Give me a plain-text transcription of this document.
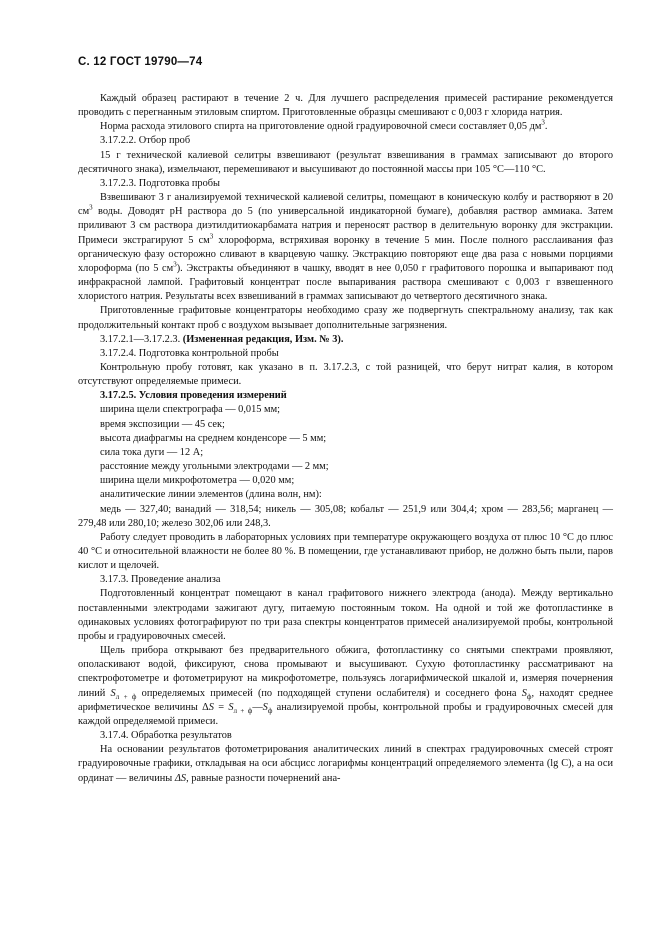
С. 12 ГОСТ 19790—74

Каждый образец растирают в течение 2 ч. Для лучшего распределения примесей растирание рекомендуется проводить с перегнанным этиловым спиртом. Приготовленные образцы смешивают с 0,003 г хлорида натрия.

Норма расхода этилового спирта на приготовление одной градуировочной смеси составляет 0,05 $дм^3$.

3.17.2.2. Отбор проб

15 г технической калиевой селитры взвешивают (результат взвешивания в граммах записывают до второго десятичного знака), измельчают, перемешивают и высушивают до постоянной массы при 105 °С—110 °С.

3.17.2.3. Подготовка пробы

Взвешивают 3 г анализируемой технической калиевой селитры, помещают в коническую колбу и растворяют в 20 $см^3$ воды. Доводят рН раствора до 5 (по универсальной индикаторной бумаге), добавляя раствор аммиака. Затем приливают 3 см раствора диэтилдитиокарбамата натрия и переносят раствор в делительную воронку для экстракции. Примеси экстрагируют 5 $см^3$ хлороформа, встряхивая воронку в течение 5 мин. После полного расслаивания фаз органическую фазу осторожно сливают в кварцевую чашку. Экстракцию повторяют еще два раза с новыми порциями хлороформа (по 5 $см^3$). Экстракты объединяют в чашку, вводят в нее 0,050 г графитового порошка и выпаривают под инфракрасной лампой. Графитовый концентрат после выпаривания раствора смешивают с 0,003 г взвешенного хлористого натрия. Результаты всех взвешиваний в граммах записывают до четвертого десятичного знака.

Приготовленные графитовые концентраторы необходимо сразу же подвергнуть спектральному анализу, так как продолжительный контакт проб с воздухом вызывает дополнительные загрязнения.

3.17.2.1—3.17.2.3. (Измененная редакция, Изм. № 3).

3.17.2.4. Подготовка контрольной пробы

Контрольную пробу готовят, как указано в п. 3.17.2.3, с той разницей, что берут нитрат калия, в котором отсутствуют определяемые примеси.

3.17.2.5. Условия проведения измерений

ширина щели спектрографа — 0,015 мм;

время экспозиции — 45 сек;

высота диафрагмы на среднем конденсоре — 5 мм;

сила тока дуги — 12 А;

расстояние между угольными электродами — 2 мм;

ширина щели микрофотометра — 0,020 мм;

аналитические линии элементов (длина волн, нм):

медь — 327,40; ванадий — 318,54; никель — 305,08; кобальт — 251,9 или 304,4; хром — 283,56; марганец — 279,48 или 280,10; железо 302,06 или 248,3.

Работу следует проводить в лабораторных условиях при температуре окружающего воздуха от плюс 10 °С до плюс 40 °С и относительной влажности не более 80 %. В помещении, где устанавливают прибор, не должно быть пыли, паров кислот и щелочей.

3.17.3. Проведение анализа

Подготовленный концентрат помещают в канал графитового нижнего электрода (анода). Между вертикально поставленными электродами зажигают дугу, питаемую постоянным током. На одной и той же фотопластинке в одинаковых условиях фотографируют по три раза спектры концентратов примесей анализируемой пробы, контрольной пробы и градуировочных смесей.

Щель прибора открывают без предварительного обжига, фотопластинку со снятыми спектрами проявляют, ополаскивают водой, фиксируют, снова промывают и высушивают. Сухую фотопластинку рассматривают на спектрофотометре и фотометрируют на микрофотометре, пользуясь логарифмической шкалой и, измеряя почернения линий $S_{л + ф}$ определяемых примесей (по подходящей ступени ослабителя) и соседнего фона $S_ф$, находят среднее арифметическое величины $\Delta S = S_{л + ф}—S_ф$ анализируемой пробы, контрольной пробы и градуировочных смесей для каждой определяемой примеси.

3.17.4. Обработка результатов

На основании результатов фотометрирования аналитических линий в спектрах градуировочных смесей строят градуировочные графики, откладывая на оси абсцисс логарифмы концентраций определяемого элемента (lg С), а на оси ординат — величины ΔS, равные разности почернений ана-
